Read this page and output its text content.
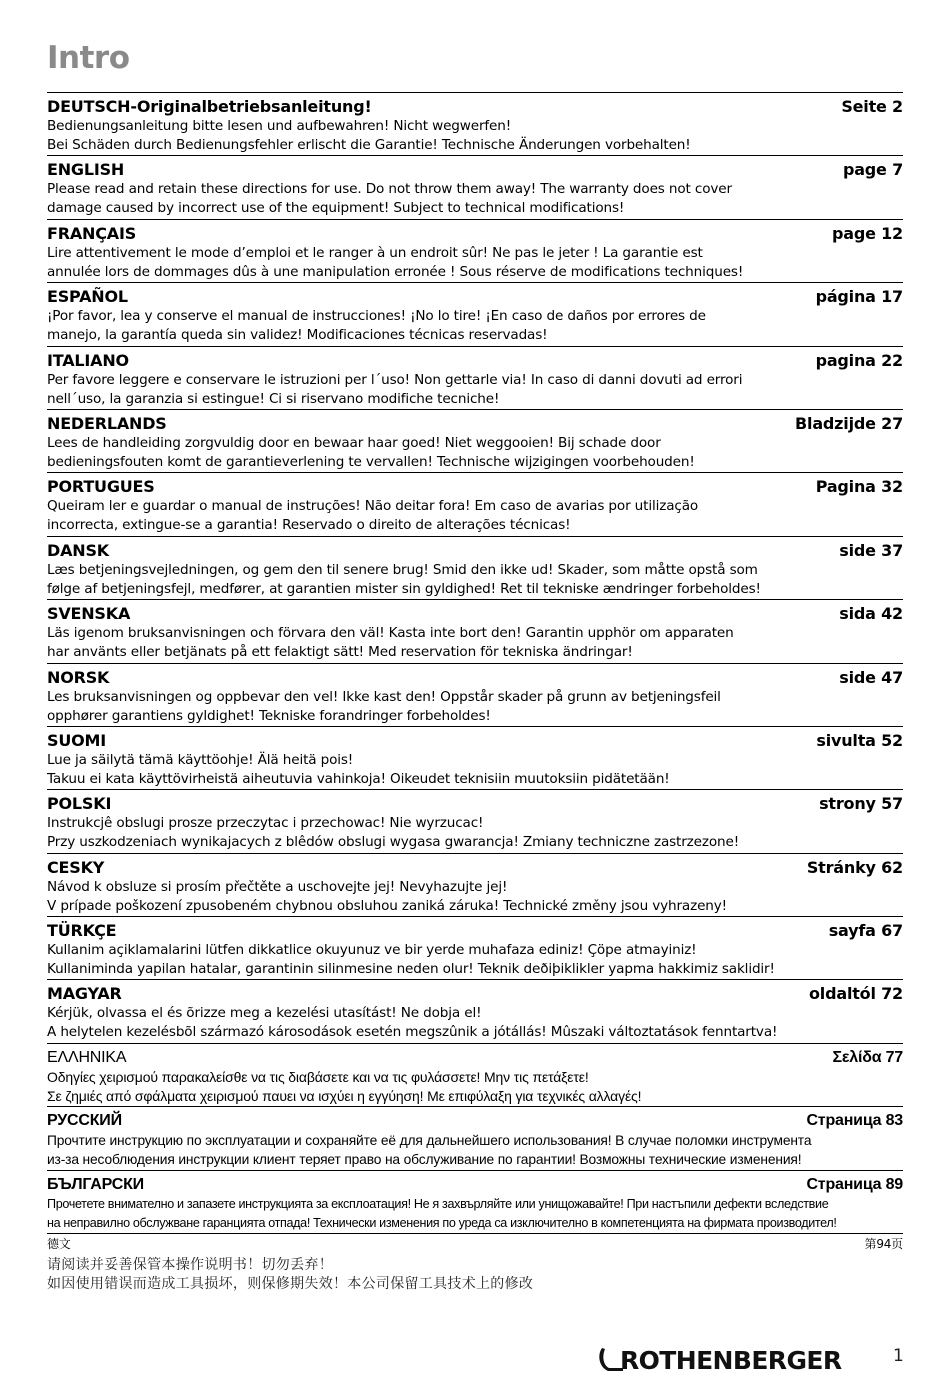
Intro
DEUTSCH-Originalbetriebsanleitung!	Seite 2
Bedienungsanleitung bitte lesen und aufbewahren! Nicht wegwerfen!
Bei Schäden durch Bedienungsfehler erlischt die Garantie! Technische Änderungen vorbehalten!
ENGLISH	page 7
Please read and retain these directions for use. Do not throw them away! The warranty does not cover
damage caused by incorrect use of the equipment! Subject to technical modifications!
FRANÇAIS	page 12
Lire attentivement le mode d’emploi et le ranger à un endroit sûr! Ne pas le jeter ! La garantie est
annulée lors de dommages dûs à une manipulation erronée ! Sous réserve de modifications techniques!
ESPAÑOL	página 17
¡Por favor, lea y conserve el manual de instrucciones! ¡No lo tire! ¡En caso de daños por errores de
manejo, la garantía queda sin validez! Modificaciones técnicas reservadas!
ITALIANO	pagina 22
Per favore leggere e conservare le istruzioni per l´uso! Non gettarle via! In caso di danni dovuti ad errori
nell´uso, la garanzia si estingue! Ci si riservano modifiche tecniche!
NEDERLANDS	Bladzijde 27
Lees de handleiding zorgvuldig door en bewaar haar goed! Niet weggooien! Bij schade door
bedieningsfouten komt de garantieverlening te vervallen! Technische wijzigingen voorbehouden!
PORTUGUES	Pagina 32
Queiram ler e guardar o manual de instruções! Não deitar fora! Em caso de avarias por utilização
incorrecta, extingue-se a garantia! Reservado o direito de alterações técnicas!
DANSK	side 37
Læs betjeningsvejledningen, og gem den til senere brug! Smid den ikke ud! Skader, som måtte opstå som
følge af betjeningsfejl, medfører, at garantien mister sin gyldighed! Ret til tekniske ændringer forbeholdes!
SVENSKA	sida 42
Läs igenom bruksanvisningen och förvara den väl! Kasta inte bort den! Garantin upphör om apparaten
har använts eller betjänats på ett felaktigt sätt! Med reservation för tekniska ändringar!
NORSK	side 47
Les bruksanvisningen og oppbevar den vel! Ikke kast den! Oppstår skader på grunn av betjeningsfeil
opphører garantiens gyldighet! Tekniske forandringer forbeholdes!
SUOMI	sivulta 52
Lue ja säilytä tämä käyttöohje! Älä heitä pois!
Takuu ei kata käyttövirheistä aiheutuvia vahinkoja! Oikeudet teknisiin muutoksiin pidätetään!
POLSKI	strony 57
Instrukcjê obslugi prosze przeczytac i przechowac! Nie wyrzucac!
Przy uszkodzeniach wynikajacych z blêdów obslugi wygasa gwarancja! Zmiany techniczne zastrzezone!
CESKY	Stránky 62
Návod k obsluze si prosím přečtěte a uschovejte jej! Nevyhazujte jej!
V prípade poškození zpusobeném chybnou obsluhou zaniká záruka! Technické změny jsou vyhrazeny!
TÜRKÇE	sayfa 67
Kullanim açiklamalarini lütfen dikkatlice okuyunuz ve bir yerde muhafaza ediniz! Çöpe atmayiniz!
Kullaniminda yapilan hatalar, garantinin silinmesine neden olur! Teknik deðiþiklikler yapma hakkimiz saklidir!
MAGYAR	oldaltól 72
Kérjük, olvassa el és õrizze meg a kezelési utasítást! Ne dobja el!
A helytelen kezelésbõl származó károsodások esetén megszûnik a jótállás! Mûszaki változtatások fenntartva!
ΕΛΛΗΝΙΚΑ	Σελίδα 77
Οδηγίες χειρισμού παρακαλείσθε να τις διαβάσετε και να τις φυλάσσετε! Μην τις πετάξετε!
Σε ζημιές από σφάλματα χειρισμού παυει να ισχύει η εγγύηση! Με επιφύλαξη για τεχνικές αλλαγές!
РУССКИЙ	Страница 83
Прочтите инструкцию по эксплуатации и сохраняйте её для дальнейшего использования! В случае поломки инструмента
из-за несоблюдения инструкции клиент теряет право на обслуживание по гарантии! Возможны технические изменения!
БЪЛГАРСКИ	Страница 89
Прочетете внимателно и запазете инструкцията за експлоатация! Не я захвърляйте или унищожавайте! При настъпили дефекти вследствие
на неправилно обслужване гаранцията отпада! Технически изменения по уреда са изключително в компетенцията на фирмата производител!
德文	第94页
请阅读并妥善保管本操作说明书！切勿丢弃！
如因使用错误而造成工具损坏，则保修期失效！本公司保留工具技术上的修改
ROTHENBERGER	1
